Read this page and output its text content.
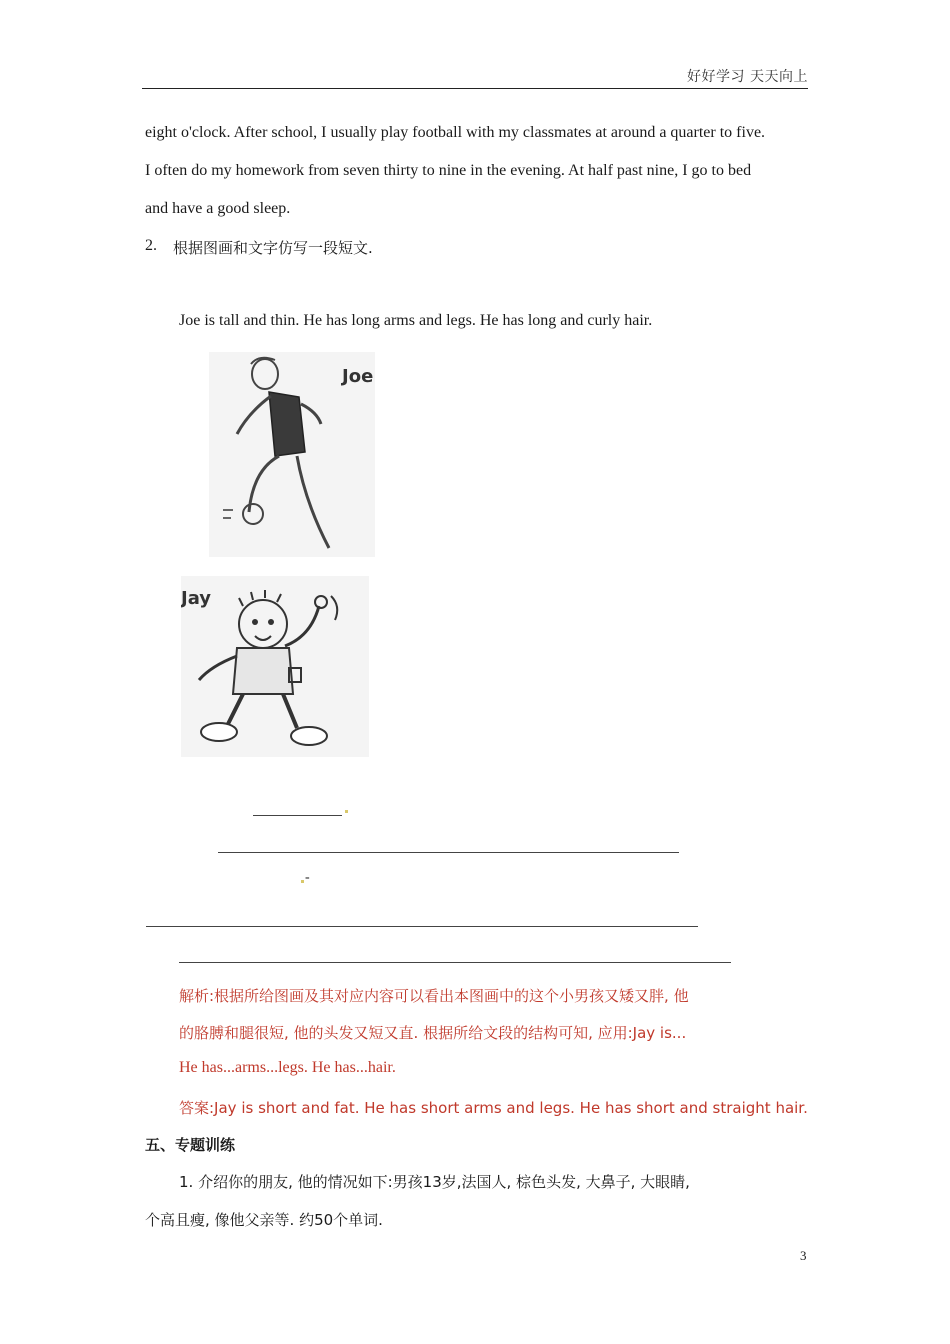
好好学习 天天向上
eight o'clock. After school, I usually play football with my classmates at around a quarter to five.
I often do my homework from seven thirty to nine in the evening. At half past nine, I go to bed
and have a good sleep.
2. 根据图画和文字仿写一段短文.
Joe is tall and thin. He has long arms and legs. He has long and curly hair.
Joe
Jay
-
解析:根据所给图画及其对应内容可以看出本图画中的这个小男孩又矮又胖, 他
的胳膊和腿很短, 他的头发又短又直. 根据所给文段的结构可知, 应用:Jay is...
He has...arms...legs. He has...hair.
答案:Jay is short and fat. He has short arms and legs. He has short and straight hair.
五、专题训练
1. 介绍你的朋友, 他的情况如下:男孩13岁,法国人, 棕色头发, 大鼻子, 大眼睛,
个高且瘦, 像他父亲等. 约50个单词.
3
